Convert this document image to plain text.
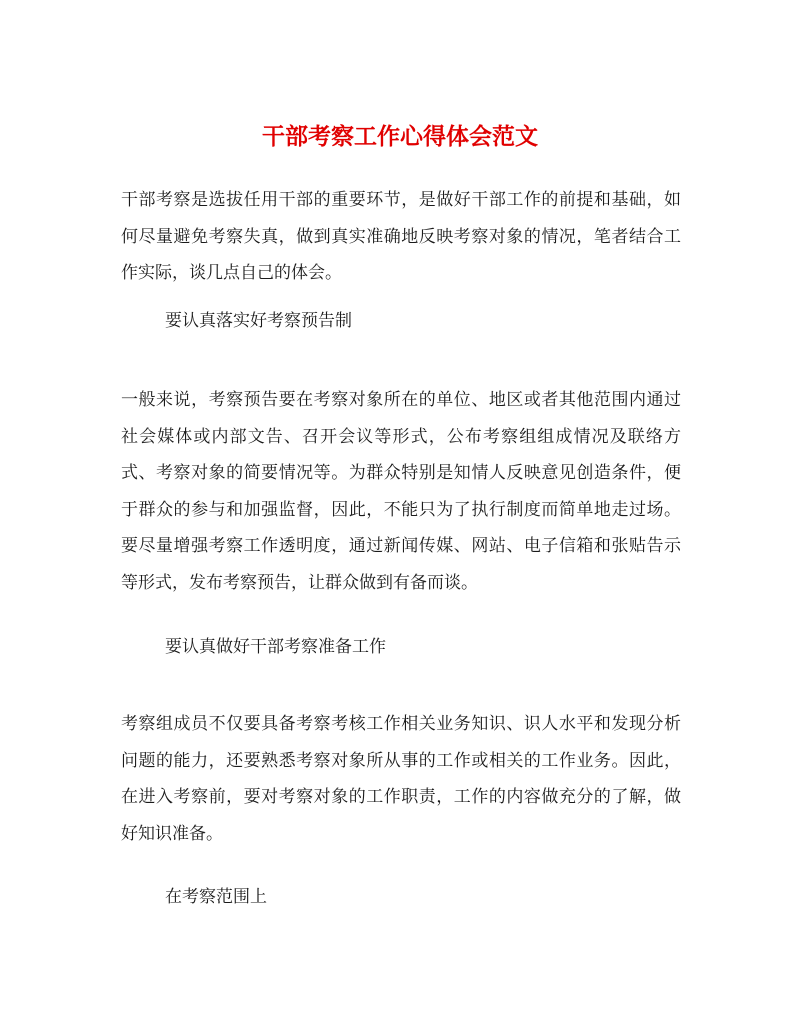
干部考察工作心得体会范文

干部考察是选拔任用干部的重要环节，是做好干部工作的前提和基础，如何尽量避免考察失真，做到真实准确地反映考察对象的情况，笔者结合工作实际，谈几点自己的体会。

要认真落实好考察预告制

一般来说，考察预告要在考察对象所在的单位、地区或者其他范围内通过社会媒体或内部文告、召开会议等形式，公布考察组组成情况及联络方式、考察对象的简要情况等。为群众特别是知情人反映意见创造条件，便于群众的参与和加强监督，因此，不能只为了执行制度而简单地走过场。要尽量增强考察工作透明度，通过新闻传媒、网站、电子信箱和张贴告示等形式，发布考察预告，让群众做到有备而谈。

要认真做好干部考察准备工作

考察组成员不仅要具备考察考核工作相关业务知识、识人水平和发现分析问题的能力，还要熟悉考察对象所从事的工作或相关的工作业务。因此，在进入考察前，要对考察对象的工作职责，工作的内容做充分的了解，做好知识准备。

在考察范围上
